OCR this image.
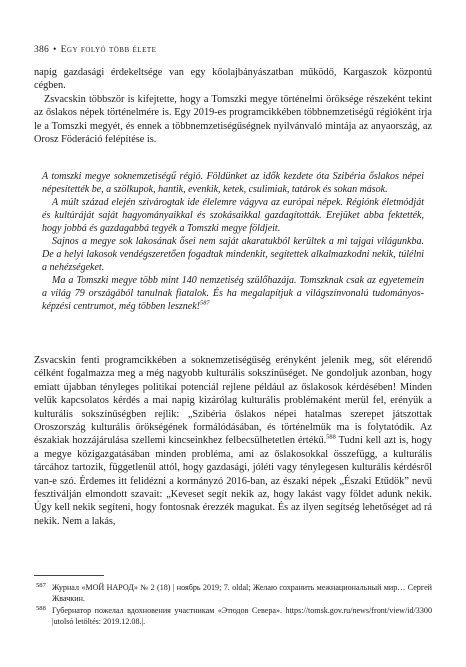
386 • Egy folyó több élete

napig gazdasági érdekeltsége van egy kőolajbányászatban működő, Kargaszok központú cégben.

Zsvacskin többször is kifejtette, hogy a Tomszki megye történelmi öröksége részeként tekint az őslakos népek történelmére is. Egy 2019-es programcikkében többnemzetiségű régióként írja le a Tomszki megyét, és ennek a többnemzetiségűségnek nyilvánvaló mintája az anyaország, az Orosz Föderáció felépítése is.

A tomszki megye soknemzetiségű régió. Földünket az idők kezdete óta Szibéria őslakos népei népesítették be, a szölkupok, hantik, evenkik, ketek, csulimiak, tatárok és sokan mások.

A múlt század elején szivárogtak ide élelemre vágyva az európai népek. Régiónk életmódját és kultúráját saját hagyományaikkal és szokásaikkal gazdagították. Erejüket abba fektették, hogy jobbá és gazdagabbá tegyék a Tomszki megye földjeit.

Sajnos a megye sok lakosának ősei nem saját akaratukból kerültek a mi tajgai világunkba. De a helyi lakosok vendégszeretően fogadtak mindenkit, segítettek alkalmazkodni nekik, túlélni a nehézségeket.

Ma a Tomszki megye több mint 140 nemzetiség szülőhazája. Tomszknak csak az egyetemein a világ 79 országából tanulnak fiatalok. És ha megalapítjuk a világszínvonalú tudományos-képzési centrumot, még többen lesznek!$^{587}$

Zsvacskin fenti programcikkében a soknemzetiségűség erényként jelenik meg, sőt elérendő célként fogalmazza meg a még nagyobb kulturális sokszínűséget. Ne gondoljuk azonban, hogy emiatt újabban tényleges politikai potenciál rejlene például az őslakosok kérdésében! Minden velük kapcsolatos kérdés a mai napig kizárólag kulturális problémaként merül fel, erényük a kulturális sokszínűségben rejlik: „Szibéria őslakos népei hatalmas szerepet játszottak Oroszország kulturális örökségének formálódásában, és történelmük ma is folytatódik. Az északiak hozzájárulása szellemi kincseinkhez felbecsülhetetlen értékű.$^{588}$ Tudni kell azt is, hogy a megye közigazgatásában minden probléma, ami az őslakosokkal összefügg, a kulturális tárcához tartozik, függetlenül attól, hogy gazdasági, jóléti vagy ténylegesen kulturális kérdésről van-e szó. Érdemes itt felidézni a kormányzó 2016-ban, az északi népek „Északi Etűdök” nevű fesztiválján elmondott szavait: „Keveset segít nekik az, hogy lakást vagy földet adunk nekik. Úgy kell nekik segíteni, hogy fontosnak érezzék magukat. És az ilyen segítség lehetőséget ad rá nekik. Nem a lakás,

587 Журнал «МОЙ НАРОД» № 2 (18) | ноябрь 2019; 7. oldal; Желаю сохранить межнациональный мир… Сергей Жвачкин.

588 Губернатор пожелал вдохновения участникам «Этюдов Севера». https://tomsk.gov.ru/news/front/view/id/3300 |utolsó letöltés: 2019.12.08.|.
